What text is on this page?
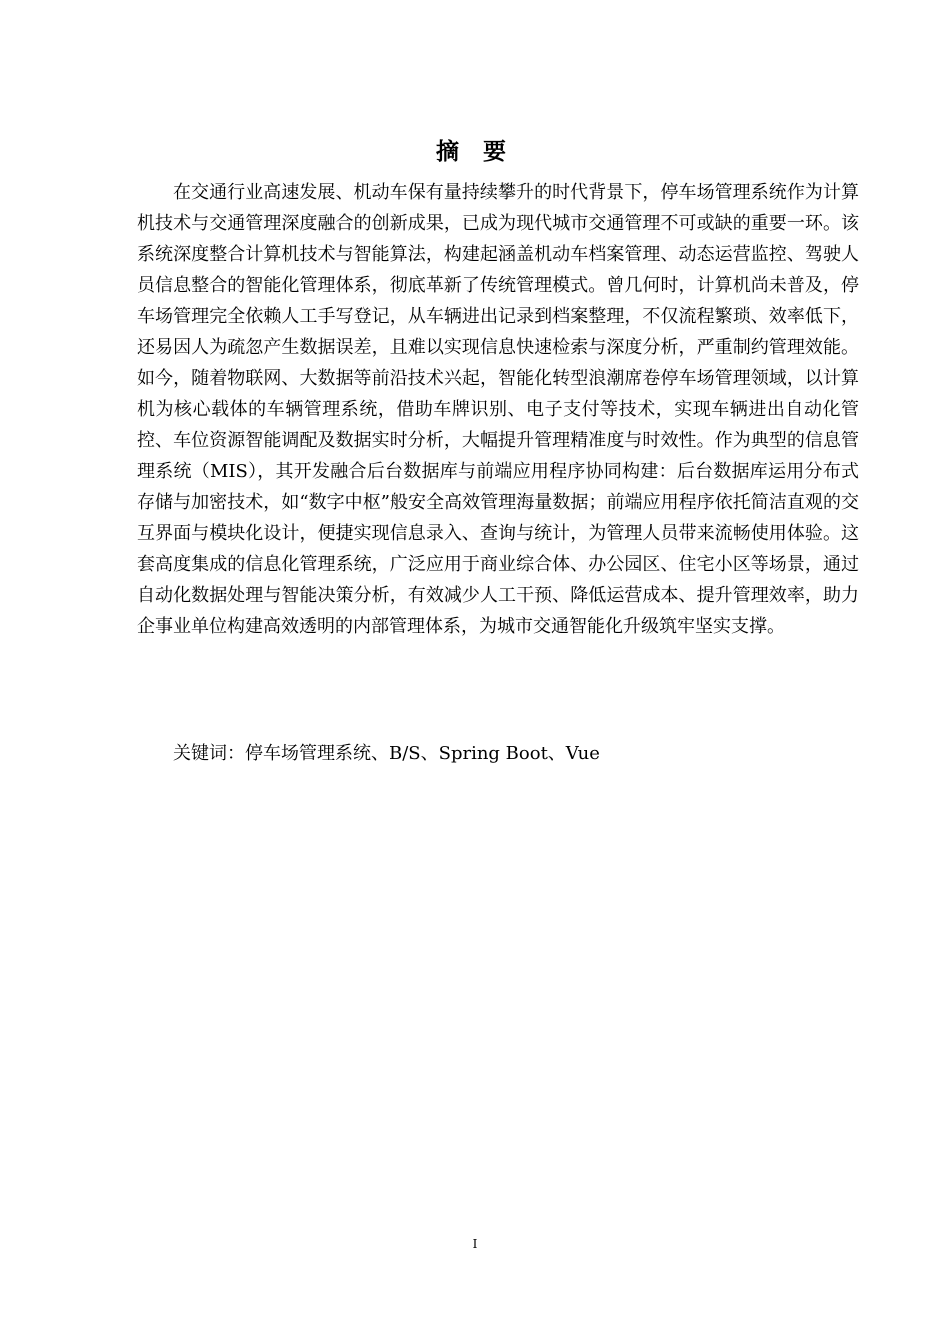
摘 要

在交通行业高速发展、机动车保有量持续攀升的时代背景下，停车场管理系统作为计算机技术与交通管理深度融合的创新成果，已成为现代城市交通管理不可或缺的重要一环。该系统深度整合计算机技术与智能算法，构建起涵盖机动车档案管理、动态运营监控、驾驶人员信息整合的智能化管理体系，彻底革新了传统管理模式。曾几何时，计算机尚未普及，停车场管理完全依赖人工手写登记，从车辆进出记录到档案整理，不仅流程繁琐、效率低下，还易因人为疏忽产生数据误差，且难以实现信息快速检索与深度分析，严重制约管理效能。如今，随着物联网、大数据等前沿技术兴起，智能化转型浪潮席卷停车场管理领域，以计算机为核心载体的车辆管理系统，借助车牌识别、电子支付等技术，实现车辆进出自动化管控、车位资源智能调配及数据实时分析，大幅提升管理精准度与时效性。作为典型的信息管理系统（MIS），其开发融合后台数据库与前端应用程序协同构建：后台数据库运用分布式存储与加密技术，如“数字中枢”般安全高效管理海量数据；前端应用程序依托简洁直观的交互界面与模块化设计，便捷实现信息录入、查询与统计，为管理人员带来流畅使用体验。这套高度集成的信息化管理系统，广泛应用于商业综合体、办公园区、住宅小区等场景，通过自动化数据处理与智能决策分析，有效减少人工干预、降低运营成本、提升管理效率，助力企事业单位构建高效透明的内部管理体系，为城市交通智能化升级筑牢坚实支撑。

关键词：停车场管理系统、B/S、Spring Boot、Vue

I
